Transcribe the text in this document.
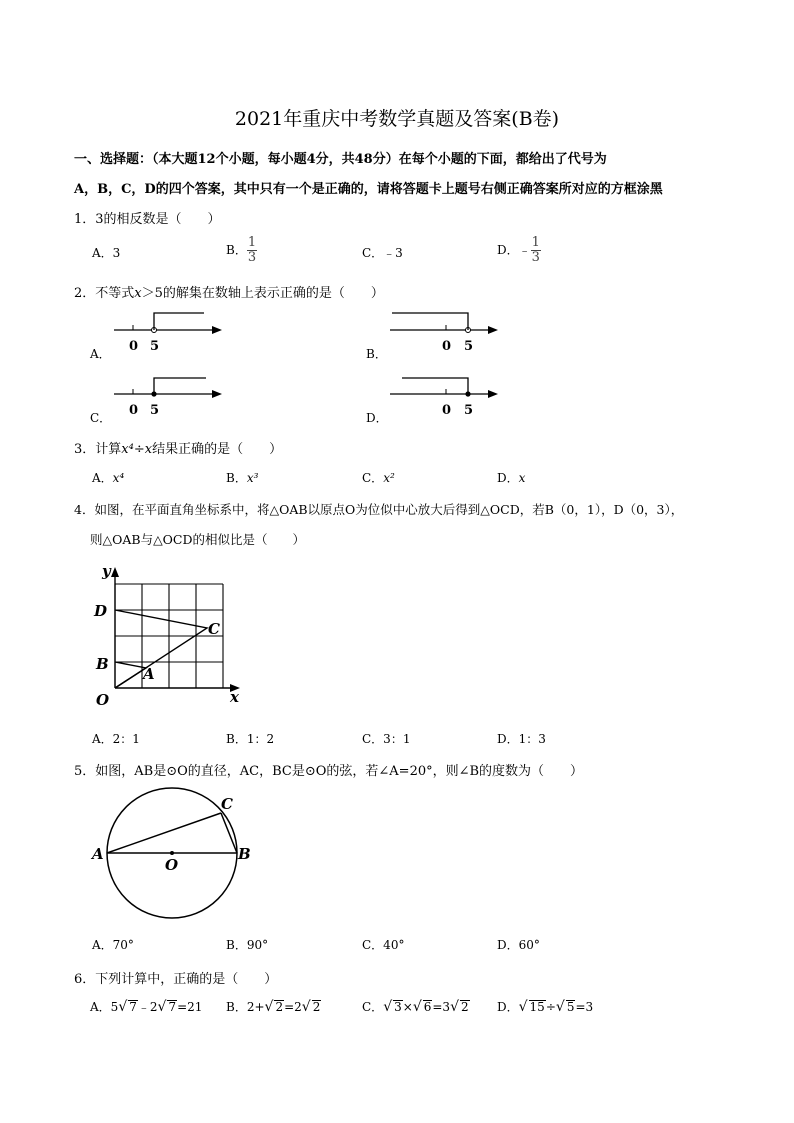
2021年重庆中考数学真题及答案(B卷)
一、选择题：（本大题12个小题，每小题4分，共48分）在每个小题的下面，都给出了代号为
A，B，C，D的四个答案，其中只有一个是正确的，请将答题卡上题号右侧正确答案所对应的方框涂黑
1．3的相反数是（　　）
A．3	B． $\frac{1}{3}$	C．﹣3	D．﹣ $\frac{1}{3}$
2．不等式x＞5的解集在数轴上表示正确的是（　　）
A． 0 5	B．	0 5
C． 0 5	D．	0 5
3．计算x⁴÷x结果正确的是（　　）
A．x⁴	B．x³	C．x²	D．x
4．如图，在平面直角坐标系中，将△OAB以原点O为位似中心放大后得到△OCD，若B（0，1），D（0，3），
则△OAB与△OCD的相似比是（　　）
y
x
D
C
B
A
O
A．2：1	B．1：2	C．3：1	D．1：3
5．如图，AB是⊙O的直径，AC，BC是⊙O的弦，若∠A=20°，则∠B的度数为（　　）
A	B
C
O
A．70°	B．90°	C．40°	D．60°
6．下列计算中，正确的是（　　）
A．5√ 7﹣2√ 7=21 B．2+√ 2=2√ 2	C．√ 3×√ 6=3√ 2 D．√ 15÷√ 5=3
